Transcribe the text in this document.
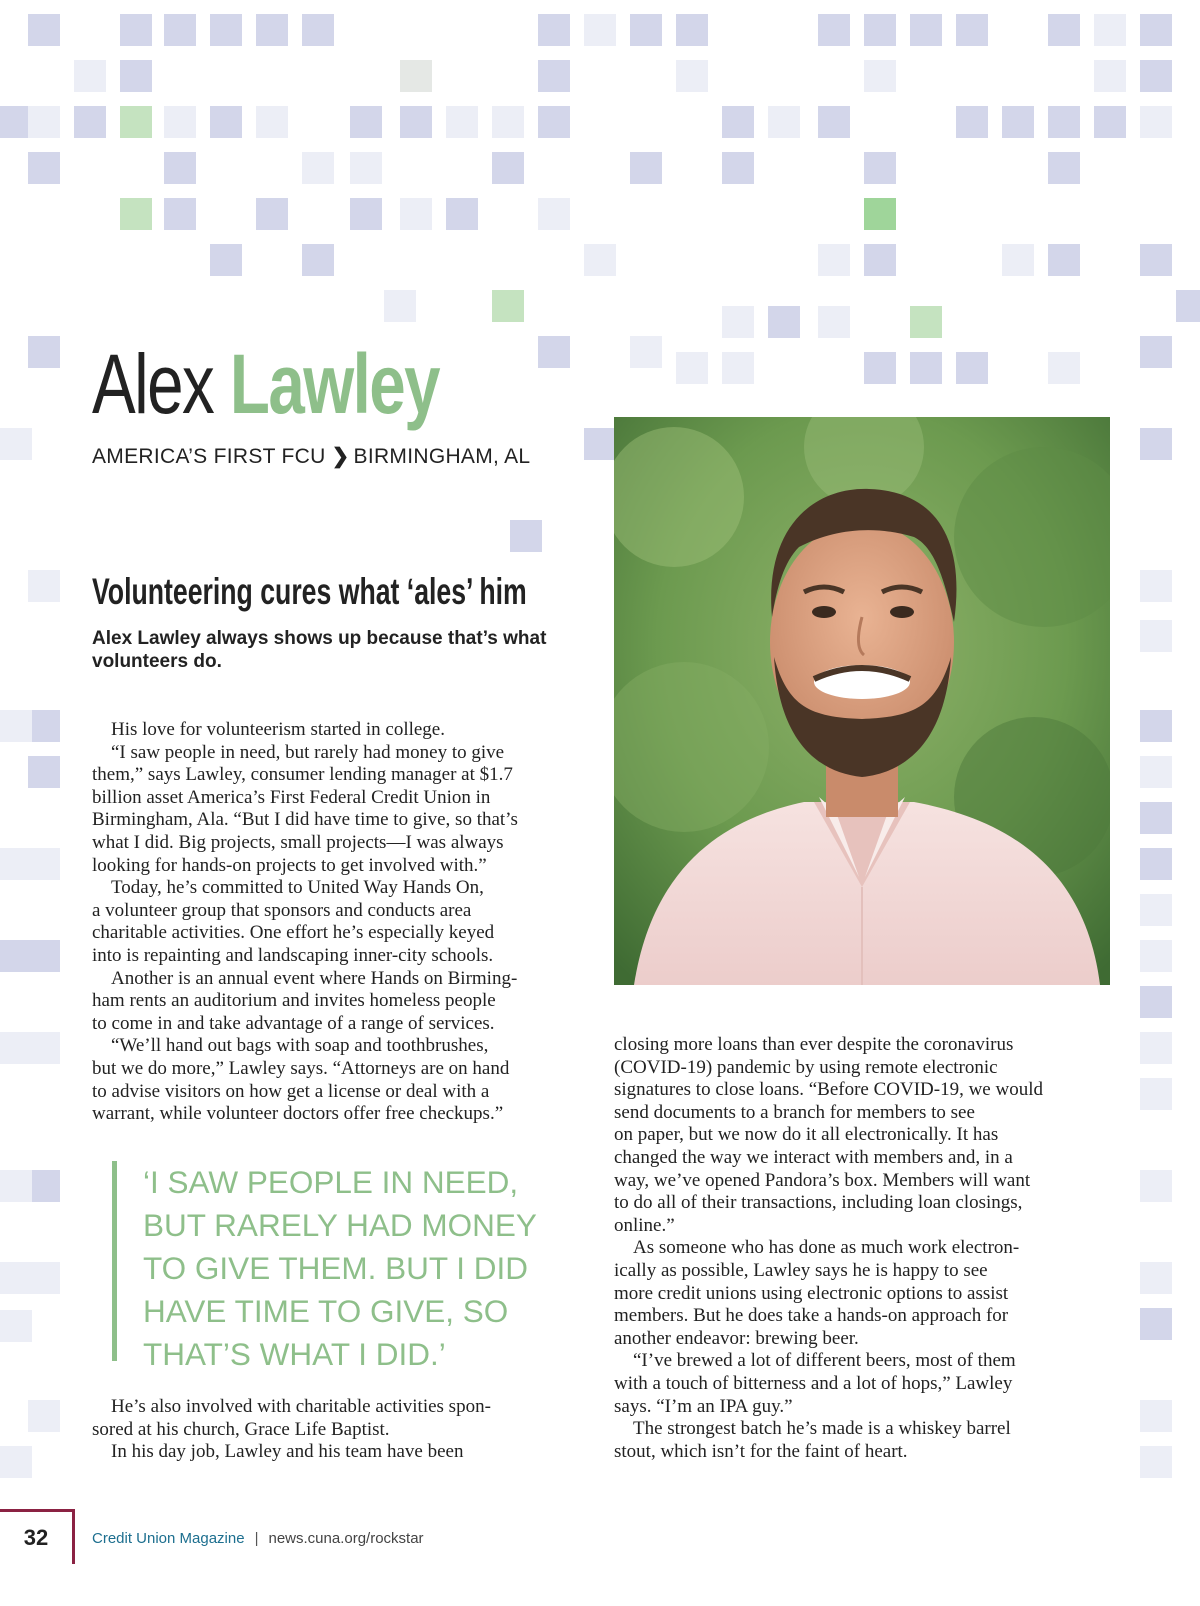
Alex Lawley
AMERICA’S FIRST FCU ❯ BIRMINGHAM, AL
Volunteering cures what ‘ales’ him
Alex Lawley always shows up because that’s what
volunteers do.

His love for volunteerism started in college.

“I saw people in need, but rarely had money to give

them,” says Lawley, consumer lending manager at $1.7

billion asset America’s First Federal Credit Union in

Birmingham, Ala. “But I did have time to give, so that’s

what I did. Big projects, small projects—I was always

looking for hands-on projects to get involved with.”

Today, he’s committed to United Way Hands On,

a volunteer group that sponsors and conducts area

charitable activities. One effort he’s especially keyed

into is repainting and landscaping inner-city schools.

Another is an annual event where Hands on Birming-

ham rents an auditorium and invites homeless people

to come in and take advantage of a range of services.

“We’ll hand out bags with soap and toothbrushes,

but we do more,” Lawley says. “Attorneys are on hand

to advise visitors on how get a license or deal with a

warrant, while volunteer doctors offer free checkups.”

‘I SAW PEOPLE IN NEED,
BUT RARELY HAD MONEY
TO GIVE THEM. BUT I DID
HAVE TIME TO GIVE, SO
THAT’S WHAT I DID.’

He’s also involved with charitable activities spon-

sored at his church, Grace Life Baptist.

In his day job, Lawley and his team have been

closing more loans than ever despite the coronavirus

(COVID-19) pandemic by using remote electronic

signatures to close loans. “Before COVID-19, we would

send documents to a branch for members to see

on paper, but we now do it all electronically. It has

changed the way we interact with members and, in a

way, we’ve opened Pandora’s box. Members will want

to do all of their transactions, including loan closings,

online.”

As someone who has done as much work electron-

ically as possible, Lawley says he is happy to see

more credit unions using electronic options to assist

members. But he does take a hands-on approach for

another endeavor: brewing beer.

“I’ve brewed a lot of different beers, most of them

with a touch of bitterness and a lot of hops,” Lawley

says. “I’m an IPA guy.”

The strongest batch he’s made is a whiskey barrel

stout, which isn’t for the faint of heart.

32	Credit Union Magazine | news.cuna.org/rockstar
